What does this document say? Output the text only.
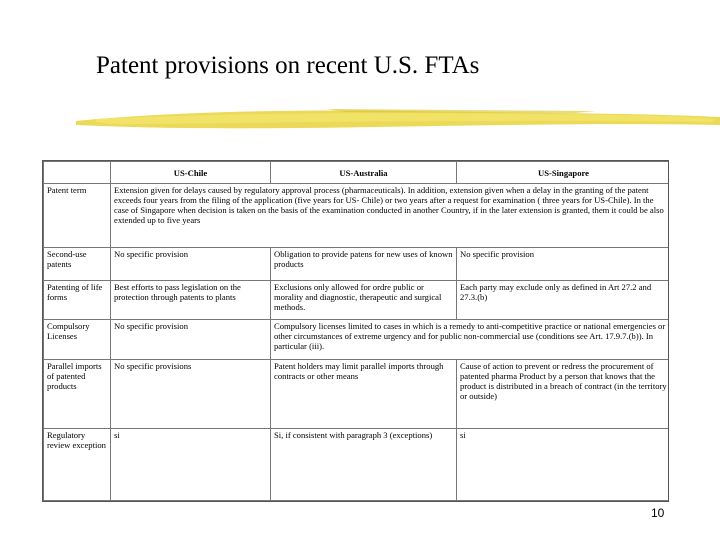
Patent provisions on recent U.S. FTAs
	US-Chile	US-Australia	US-Singapore
Patent term	Extension given for delays caused by regulatory approval process (pharmaceuticals). In addition, extension given when a delay in the granting of the patent exceeds four years from the filing of the application (five years for US- Chile) or two years after a request for examination ( three years for US-Chile). In the case of Singapore when decision is taken on the basis of the examination conducted in another Country, if in the later extension is granted, them it could be also extended up to five years		
Second-use patents	No specific provision	Obligation to provide patens for new uses of known products	No specific provision
Patenting of life forms	Best efforts to pass legislation on the protection through patents to plants	Exclusions only allowed for ordre public or morality and diagnostic, therapeutic and surgical methods.	Each party may exclude only as defined in Art 27.2 and 27.3.(b)
Compulsory Licenses	No specific provision	Compulsory licenses limited to cases in which is a remedy to anti-competitive practice or national emergencies or other circumstances of extreme urgency and for public non-commercial use (conditions see Art. 17.9.7.(b)). In particular (iii).	
Parallel imports of patented products	No specific provisions	Patent holders may limit parallel imports through contracts or other means	Cause of action to prevent or redress the procurement of patented pharma Product by a person that knows that the product is distributed in a breach of contract (in the territory or outside)
Regulatory review exception	si	Si, if consistent with paragraph 3 (exceptions)	si
10
